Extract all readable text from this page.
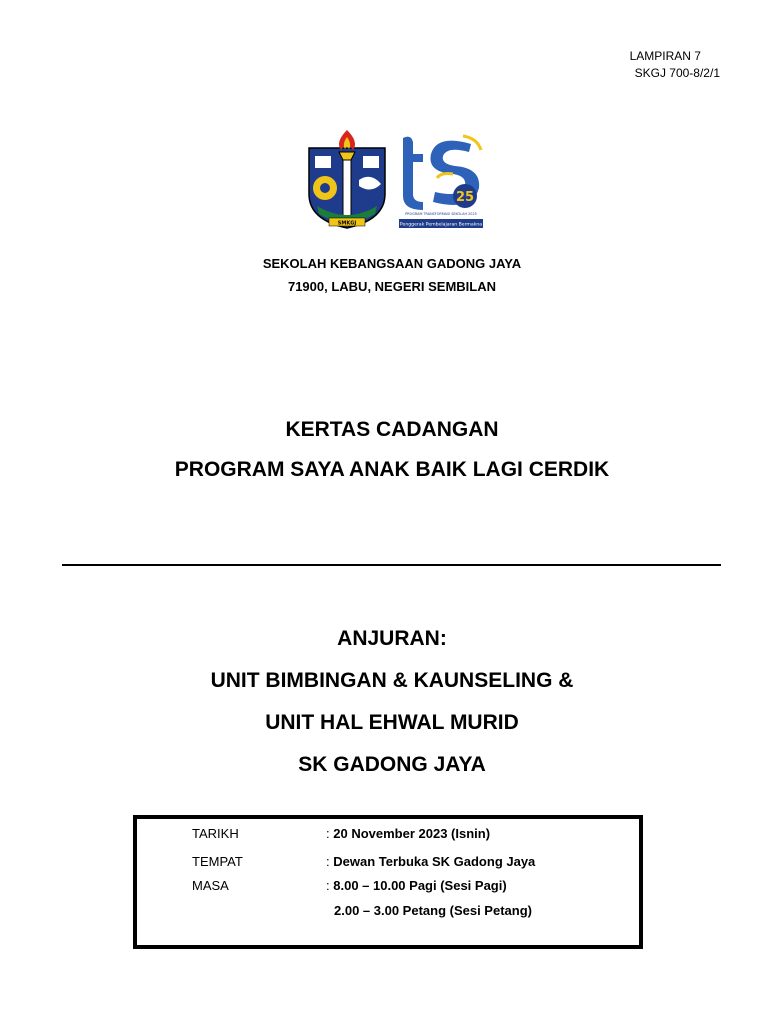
LAMPIRAN 7
SKGJ 700-8/2/1
SMKGJ
25
PROGRAM TRANSFORMASI SEKOLAH 2025
Penggerak Pembelajaran Bermakna
SEKOLAH KEBANGSAAN GADONG JAYA
71900, LABU, NEGERI SEMBILAN
KERTAS CADANGAN
PROGRAM SAYA ANAK BAIK LAGI CERDIK
ANJURAN:
UNIT BIMBINGAN & KAUNSELING &
UNIT HAL EHWAL MURID
SK GADONG JAYA
TARIKH	: 20 November 2023 (Isnin)
TEMPAT	: Dewan Terbuka SK Gadong Jaya
MASA	: 8.00 – 10.00 Pagi (Sesi Pagi)
2.00 – 3.00 Petang (Sesi Petang)
